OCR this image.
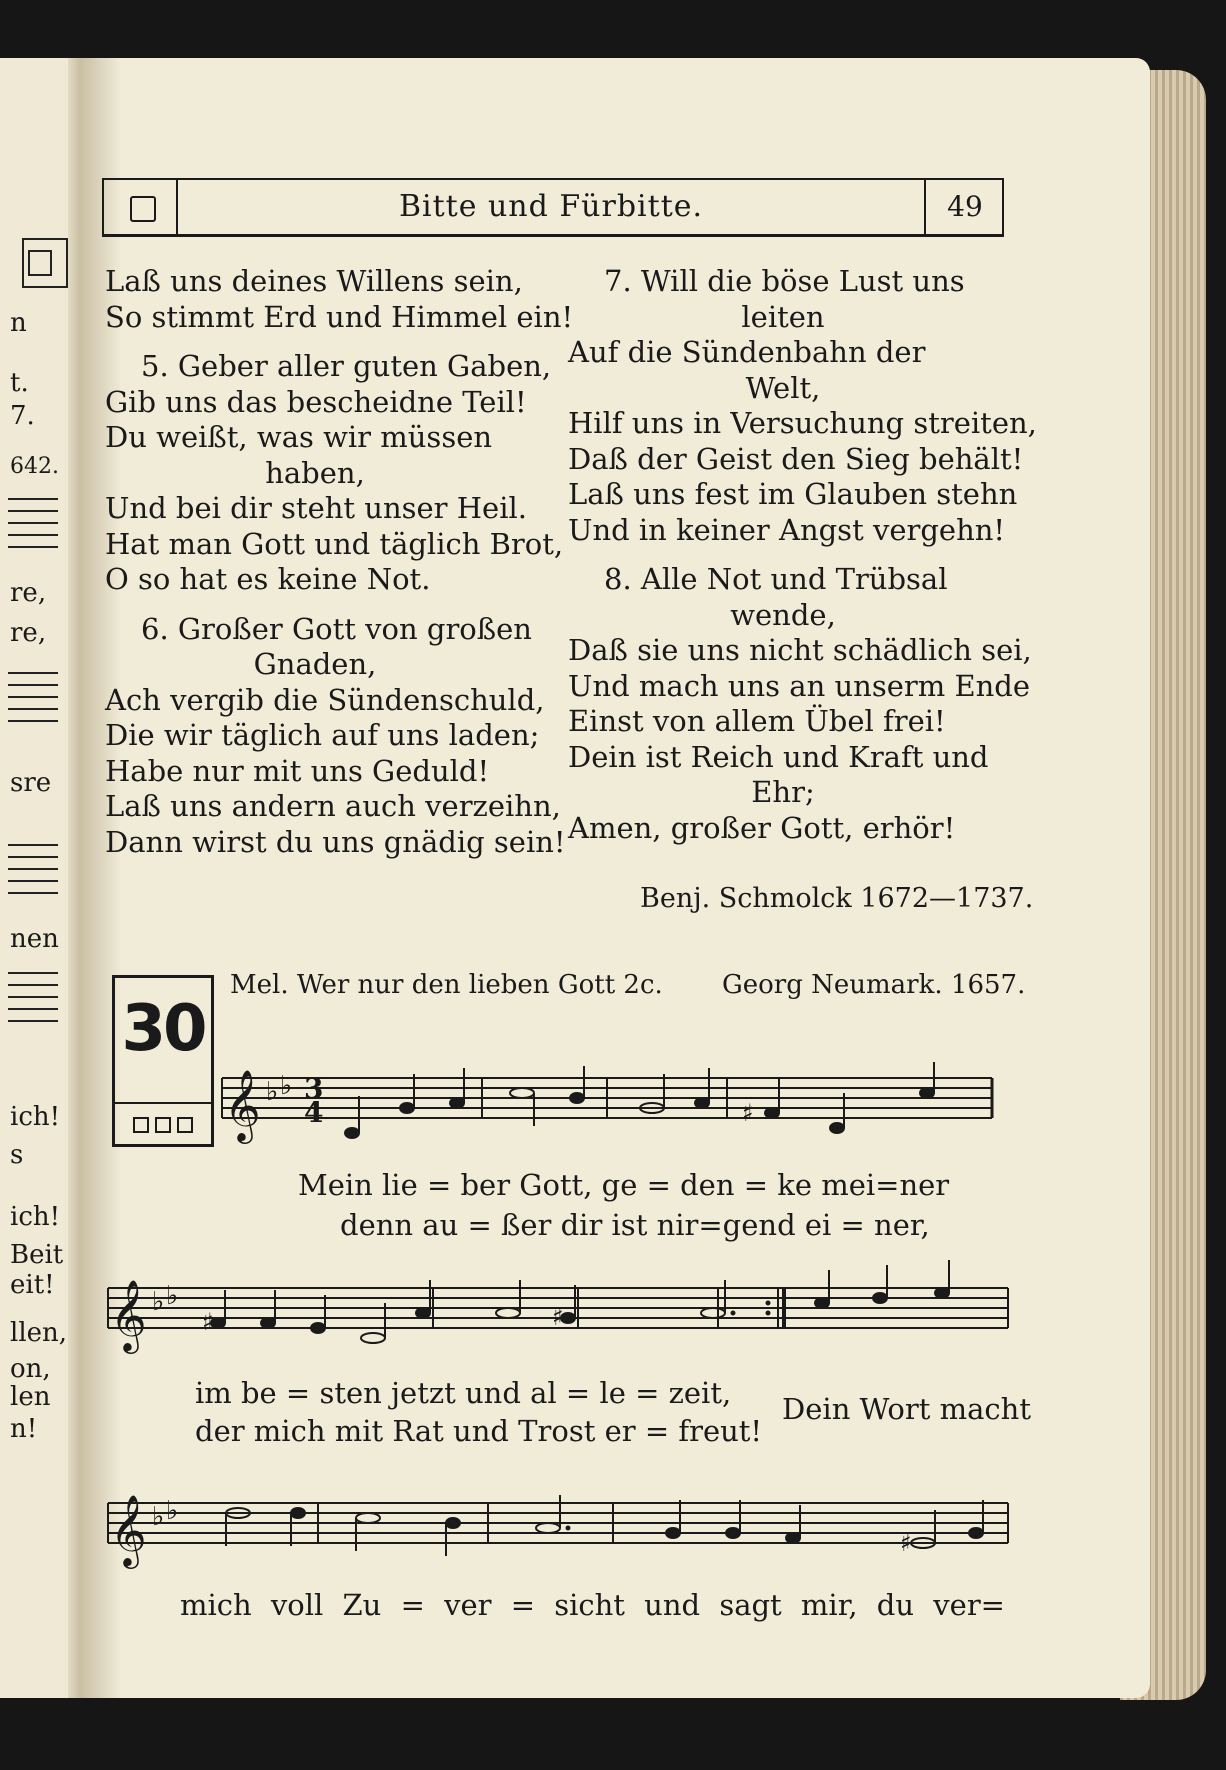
n
t.
7.
642.
re,
re,
sre
nen
ich!
s
ich!
Beit
eit!
llen,
on,
len
n!
Bitte und Fürbitte.	49
Laß uns deines Willens sein,
So stimmt Erd und Himmel ein!
5. Geber aller guten Gaben,
Gib uns das bescheidne Teil!
Du weißt, was wir müssen
haben,
Und bei dir steht unser Heil.
Hat man Gott und täglich Brot,
O so hat es keine Not.
6. Großer Gott von großen
Gnaden,
Ach vergib die Sündenschuld,
Die wir täglich auf uns laden;
Habe nur mit uns Geduld!
Laß uns andern auch verzeihn,
Dann wirst du uns gnädig sein!
7. Will die böse Lust uns
leiten
Auf die Sündenbahn der
Welt,
Hilf uns in Versuchung streiten,
Daß der Geist den Sieg behält!
Laß uns fest im Glauben stehn
Und in keiner Angst vergehn!
8. Alle Not und Trübsal
wende,
Daß sie uns nicht schädlich sei,
Und mach uns an unserm Ende
Einst von allem Übel frei!
Dein ist Reich und Kraft und
Ehr;
Amen, großer Gott, erhör!
Benj. Schmolck 1672—1737.
30
Mel. Wer nur den lieben Gott 2c. Georg Neumark. 1657.
𝄞 ♭ ♭ 3
4	♯
Mein lie = ber Gott, ge = den = ke mei=ner
denn au = ßer dir ist nir=gend ei = ner,
𝄞 ♭ ♭
♯	♯
im be = sten jetzt und al = le = zeit,
der mich mit Rat und Trost er = freut!
Dein Wort macht
𝄞 ♭ ♭
♯
mich voll Zu = ver = sicht und sagt mir, du ver=
